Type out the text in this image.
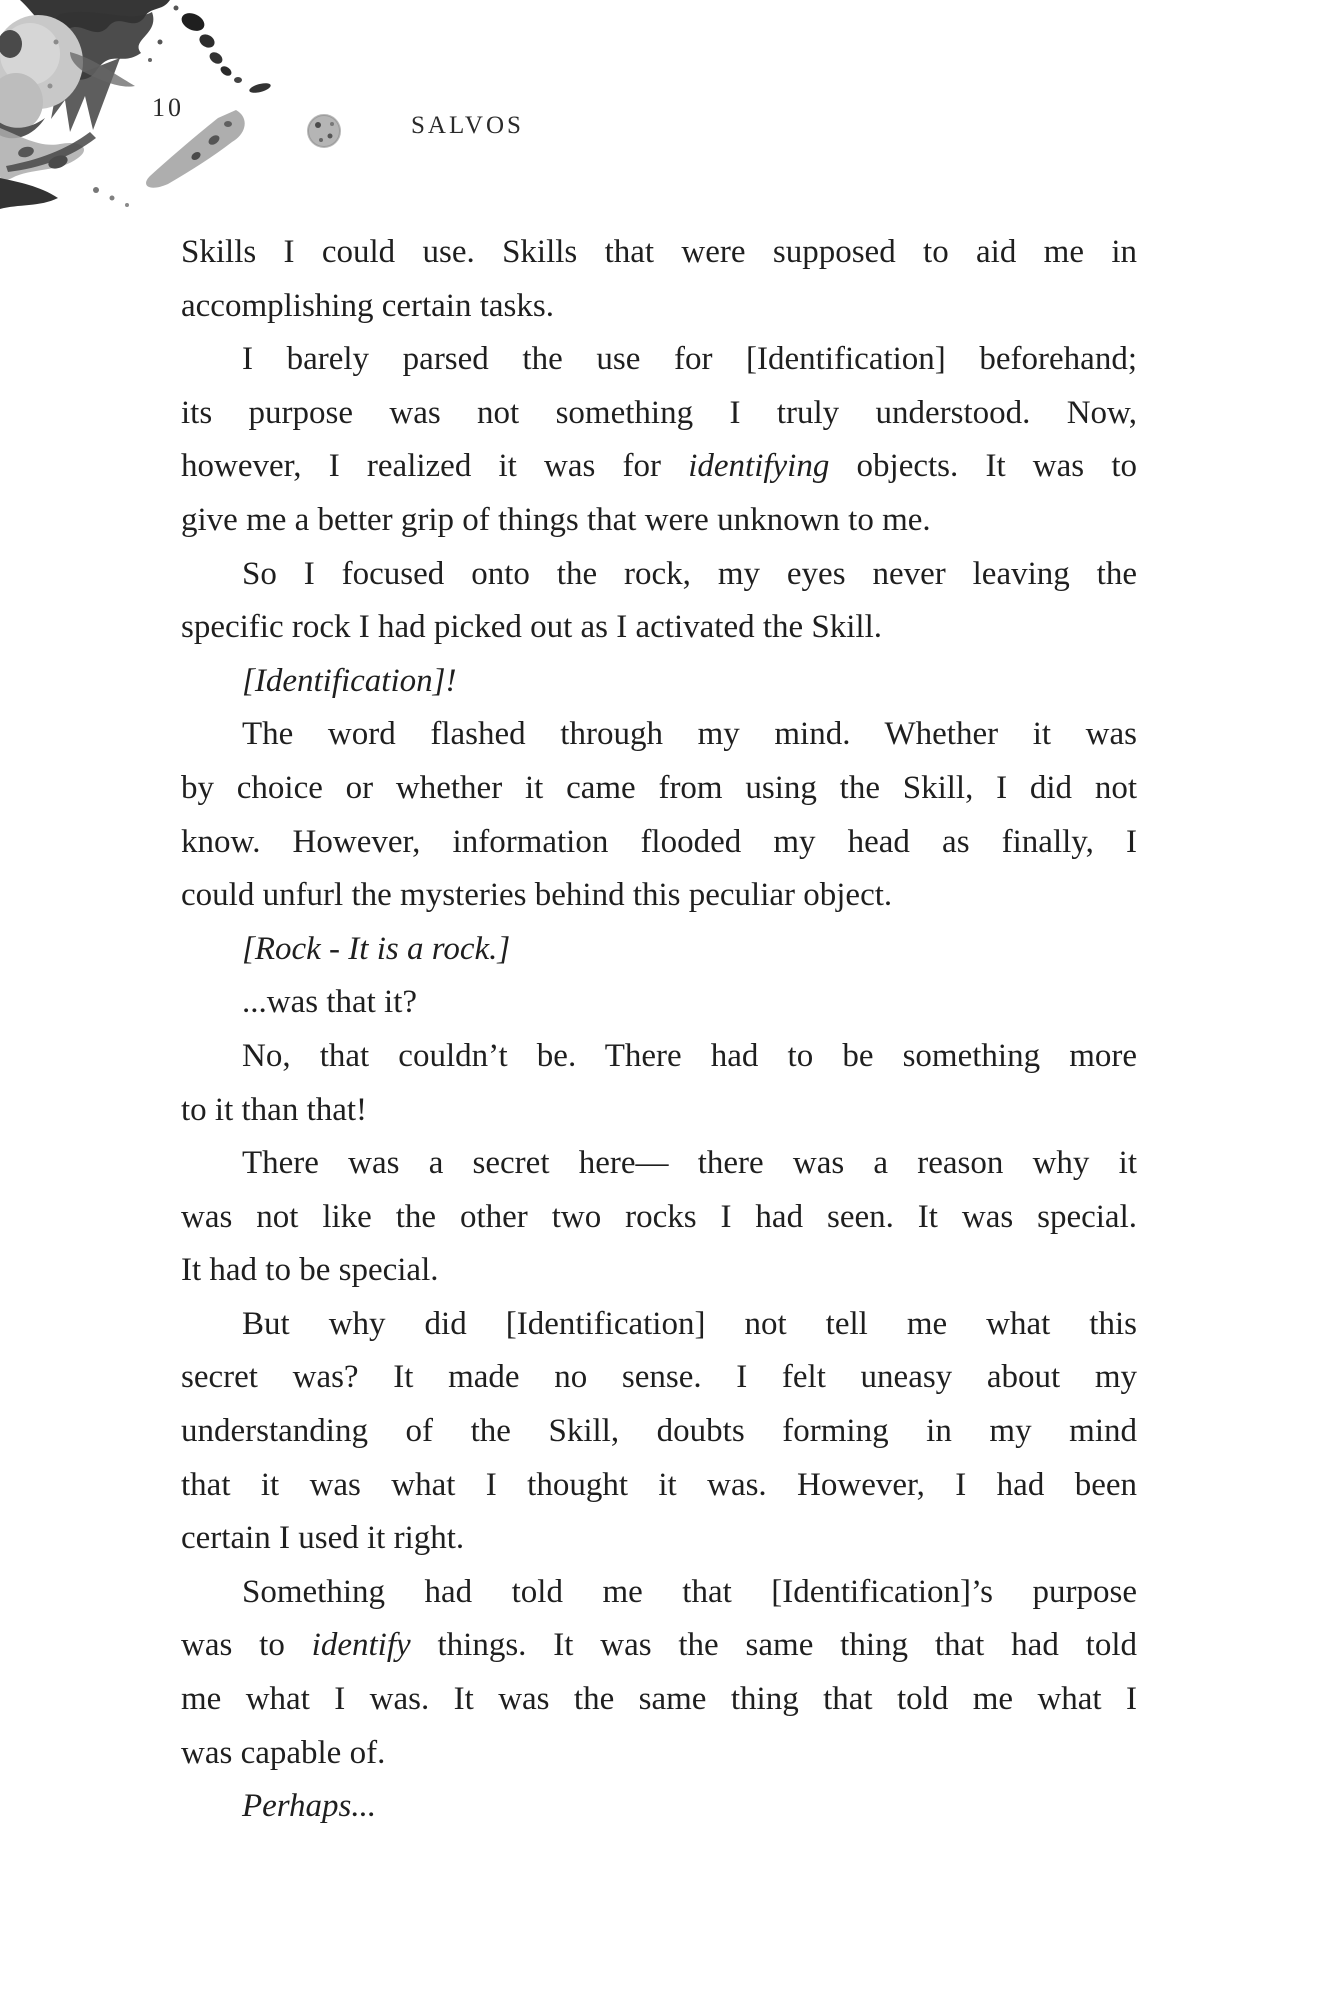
10
SALVOS
Skills I could use. Skills that were supposed to aid me in
accomplishing certain tasks.
I barely parsed the use for [Identification] beforehand;
its purpose was not something I truly understood. Now,
however, I realized it was for identifying objects. It was to
give me a better grip of things that were unknown to me.
So I focused onto the rock, my eyes never leaving the
specific rock I had picked out as I activated the Skill.
[Identification]!
The word flashed through my mind. Whether it was
by choice or whether it came from using the Skill, I did not
know. However, information flooded my head as finally, I
could unfurl the mysteries behind this peculiar object.
[Rock - It is a rock.]
...was that it?
No, that couldn’t be. There had to be something more
to it than that!
There was a secret here— there was a reason why it
was not like the other two rocks I had seen. It was special.
It had to be special.
But why did [Identification] not tell me what this
secret was? It made no sense. I felt uneasy about my
understanding of the Skill, doubts forming in my mind
that it was what I thought it was. However, I had been
certain I used it right.
Something had told me that [Identification]’s purpose
was to identify things. It was the same thing that had told
me what I was. It was the same thing that told me what I
was capable of.
Perhaps...
